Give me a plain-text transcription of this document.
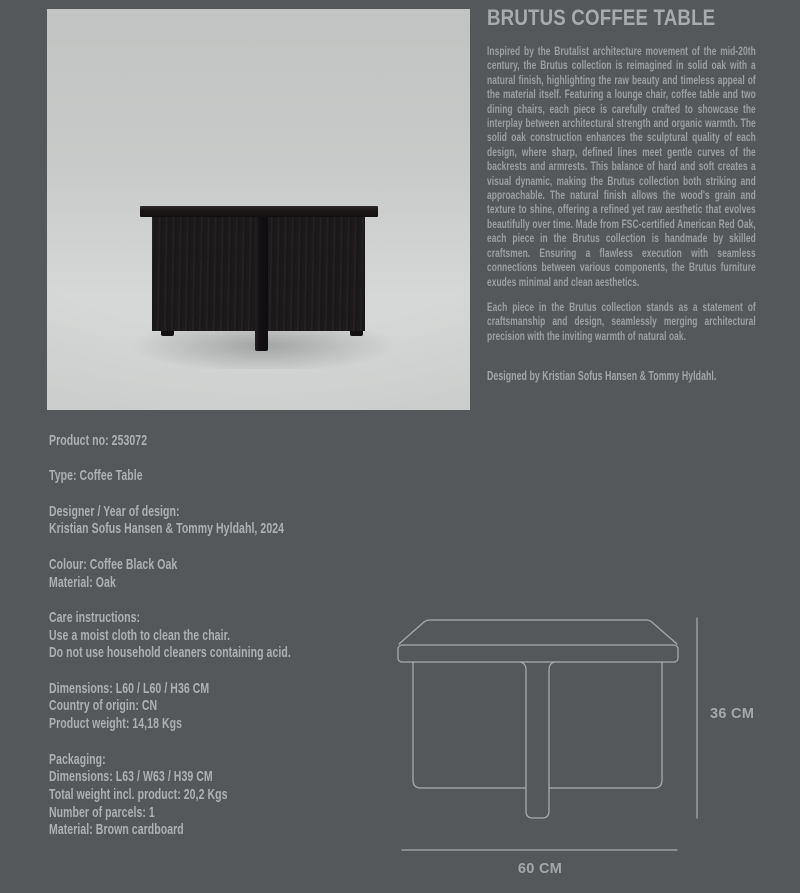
BRUTUS COFFEE TABLE
Inspired by the Brutalist architecture movement of the mid-20th century, the Brutus collection is reimagined in solid oak with a natural finish, highlighting the raw beauty and timeless appeal of the material itself. Featuring a lounge chair, coffee table and two dining chairs, each piece is carefully crafted to showcase the interplay between architectural strength and organic warmth. The solid oak construction enhances the sculptural quality of each design, where sharp, defined lines meet gentle curves of the backrests and armrests. This balance of hard and soft creates a visual dynamic, making the Brutus collection both striking and approachable. The natural finish allows the wood's grain and texture to shine, offering a refined yet raw aesthetic that evolves beautifully over time. Made from FSC-certified American Red Oak, each piece in the Brutus collection is handmade by skilled craftsmen. Ensuring a flawless execution with seamless connections between various components, the Brutus furniture exudes minimal and clean aesthetics.
Each piece in the Brutus collection stands as a statement of craftsmanship and design, seamlessly merging architectural precision with the inviting warmth of natural oak.
Designed by Kristian Sofus Hansen & Tommy Hyldahl.
Product no: 253072
Type: Coffee Table
Designer / Year of design:
Kristian Sofus Hansen & Tommy Hyldahl, 2024
Colour: Coffee Black Oak
Material: Oak
Care instructions:
Use a moist cloth to clean the chair.
Do not use household cleaners containing acid.
Dimensions: L60 / L60 / H36 CM
Country of origin: CN
Product weight: 14,18 Kgs
Packaging:
Dimensions: L63 / W63 / H39 CM
Total weight incl. product: 20,2 Kgs
Number of parcels: 1
Material: Brown cardboard
36 CM
60 CM
